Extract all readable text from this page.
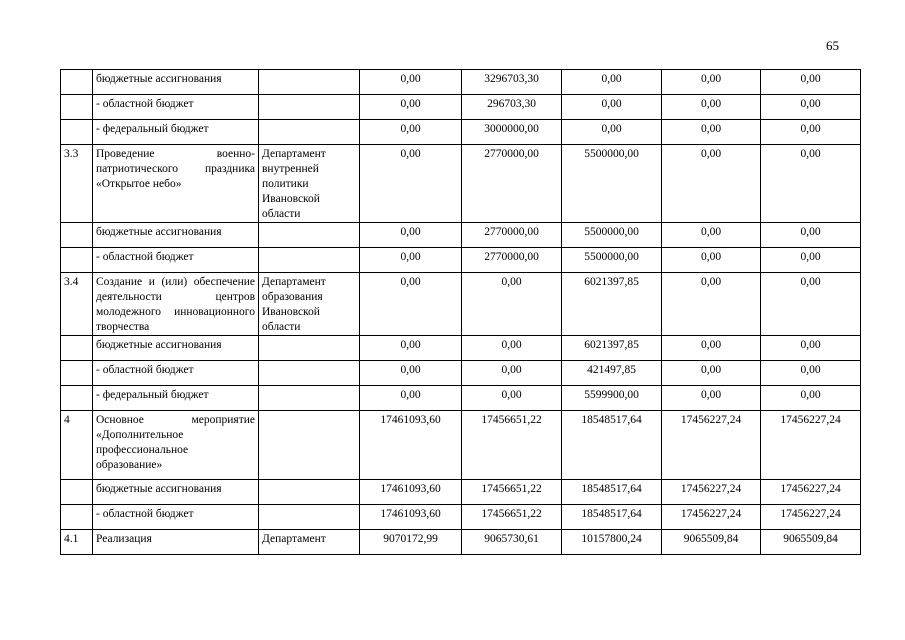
65
	бюджетные ассигнования		0,00	3296703,30	0,00	0,00	0,00
	- областной бюджет		0,00	296703,30	0,00	0,00	0,00
	- федеральный бюджет		0,00	3000000,00	0,00	0,00	0,00
3.3	Проведение военно-патриотического праздника «Открытое небо»	Департамент внутренней политики Ивановской области	0,00	2770000,00	5500000,00	0,00	0,00
	бюджетные ассигнования		0,00	2770000,00	5500000,00	0,00	0,00
	- областной бюджет		0,00	2770000,00	5500000,00	0,00	0,00
3.4	Создание и (или) обеспечение деятельности центров молодежного инновационного творчества	Департамент образования Ивановской области	0,00	0,00	6021397,85	0,00	0,00
	бюджетные ассигнования		0,00	0,00	6021397,85	0,00	0,00
	- областной бюджет		0,00	0,00	421497,85	0,00	0,00
	- федеральный бюджет		0,00	0,00	5599900,00	0,00	0,00
4	Основное мероприятие «Дополнительное профессиональное образование»		17461093,60	17456651,22	18548517,64	17456227,24	17456227,24
	бюджетные ассигнования		17461093,60	17456651,22	18548517,64	17456227,24	17456227,24
	- областной бюджет		17461093,60	17456651,22	18548517,64	17456227,24	17456227,24
4.1	Реализация	Департамент	9070172,99	9065730,61	10157800,24	9065509,84	9065509,84
